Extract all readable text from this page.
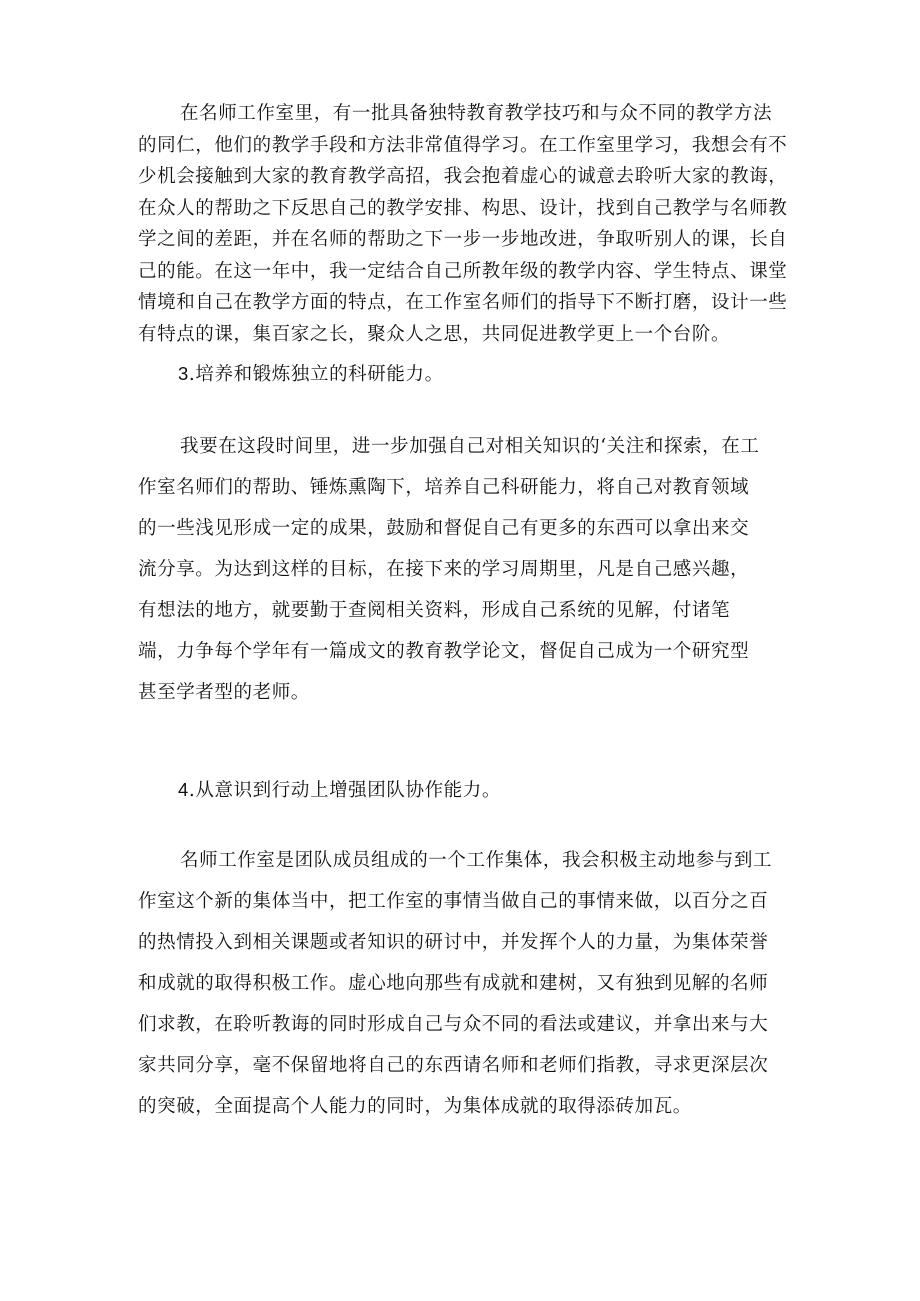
在名师工作室里，有一批具备独特教育教学技巧和与众不同的教学方法的同仁，他们的教学手段和方法非常值得学习。在工作室里学习，我想会有不少机会接触到大家的教育教学高招，我会抱着虚心的诚意去聆听大家的教诲，在众人的帮助之下反思自己的教学安排、构思、设计，找到自己教学与名师教学之间的差距，并在名师的帮助之下一步一步地改进，争取听别人的课，长自己的能。在这一年中，我一定结合自己所教年级的教学内容、学生特点、课堂情境和自己在教学方面的特点，在工作室名师们的指导下不断打磨，设计一些有特点的课，集百家之长，聚众人之思，共同促进教学更上一个台阶。

3.培养和锻炼独立的科研能力。

我要在这段时间里，进一步加强自己对相关知识的‘关注和探索，在工
作室名师们的帮助、锤炼熏陶下，培养自己科研能力，将自己对教育领域
的一些浅见形成一定的成果，鼓励和督促自己有更多的东西可以拿出来交
流分享。为达到这样的目标，在接下来的学习周期里，凡是自己感兴趣，
有想法的地方，就要勤于查阅相关资料，形成自己系统的见解，付诸笔
端，力争每个学年有一篇成文的教育教学论文，督促自己成为一个研究型
甚至学者型的老师。

4.从意识到行动上增强团队协作能力。

名师工作室是团队成员组成的一个工作集体，我会积极主动地参与到工
作室这个新的集体当中，把工作室的事情当做自己的事情来做，以百分之百
的热情投入到相关课题或者知识的研讨中，并发挥个人的力量，为集体荣誉
和成就的取得积极工作。虚心地向那些有成就和建树，又有独到见解的名师
们求教，在聆听教诲的同时形成自己与众不同的看法或建议，并拿出来与大
家共同分享，毫不保留地将自己的东西请名师和老师们指教，寻求更深层次
的突破，全面提高个人能力的同时，为集体成就的取得添砖加瓦。
